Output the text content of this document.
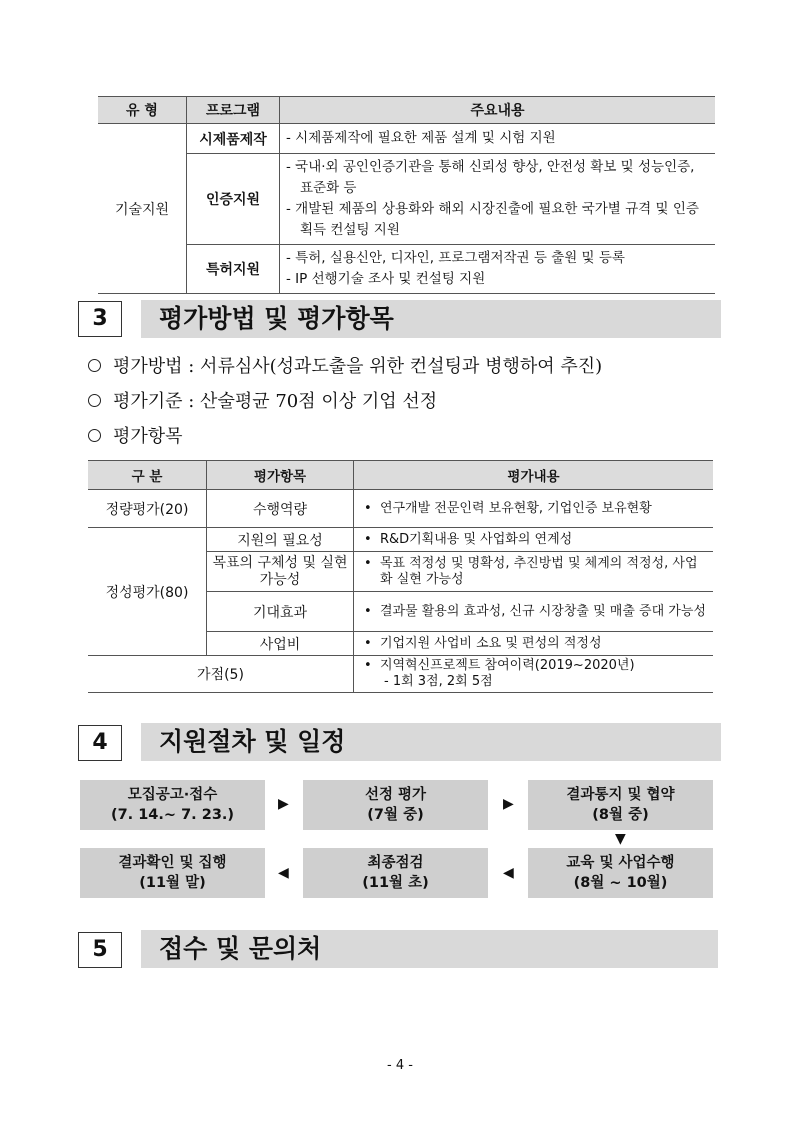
유 형	프로그램	주요내용
기술지원	시제품제작	- 시제품제작에 필요한 제품 설계 및 시험 지원

	인증지원	- 국내·외 공인인증기관을 통해 신뢰성 향상, 안전성 확보 및 성능인증, 표준화 등
- 개발된 제품의 상용화와 해외 시장진출에 필요한 국가별 규격 및 인증획득 컨설팅 지원

	특허지원	- 특허, 실용신안, 디자인, 프로그램저작권 등 출원 및 등록
- IP 선행기술 조사 및 컨설팅 지원
3	평가방법 및 평가항목
평가방법 : 서류심사(성과도출을 위한 컨설팅과 병행하여 추진)
평가기준 : 산술평균 70점 이상 기업 선정
평가항목
구 분	평가항목	평가내용
정량평가(20)	수행역량	• 연구개발 전문인력 보유현황, 기업인증 보유현황
정성평가(80)	지원의 필요성	• R&D기획내용 및 사업화의 연계성
	목표의 구체성 및 실현가능성	• 목표 적정성 및 명확성, 추진방법 및 체계의 적정성, 사업화 실현 가능성
	기대효과	• 결과물 활용의 효과성, 신규 시장창출 및 매출 증대 가능성
	사업비	• 기업지원 사업비 소요 및 편성의 적정성
가점(5)		• 지역혁신프로젝트 참여이력(2019~2020년)
- 1회 3점, 2회 5점
4	지원절차 및 일정
모집공고·접수
(7. 14.~ 7. 23.)
▶
선정 평가
(7월 중)
▶
결과통지 및 협약
(8월 중)
▼
교육 및 사업수행
(8월 ~ 10월)
◀
최종점검
(11월 초)
◀
결과확인 및 집행
(11월 말)
5	접수 및 문의처
- 4 -
